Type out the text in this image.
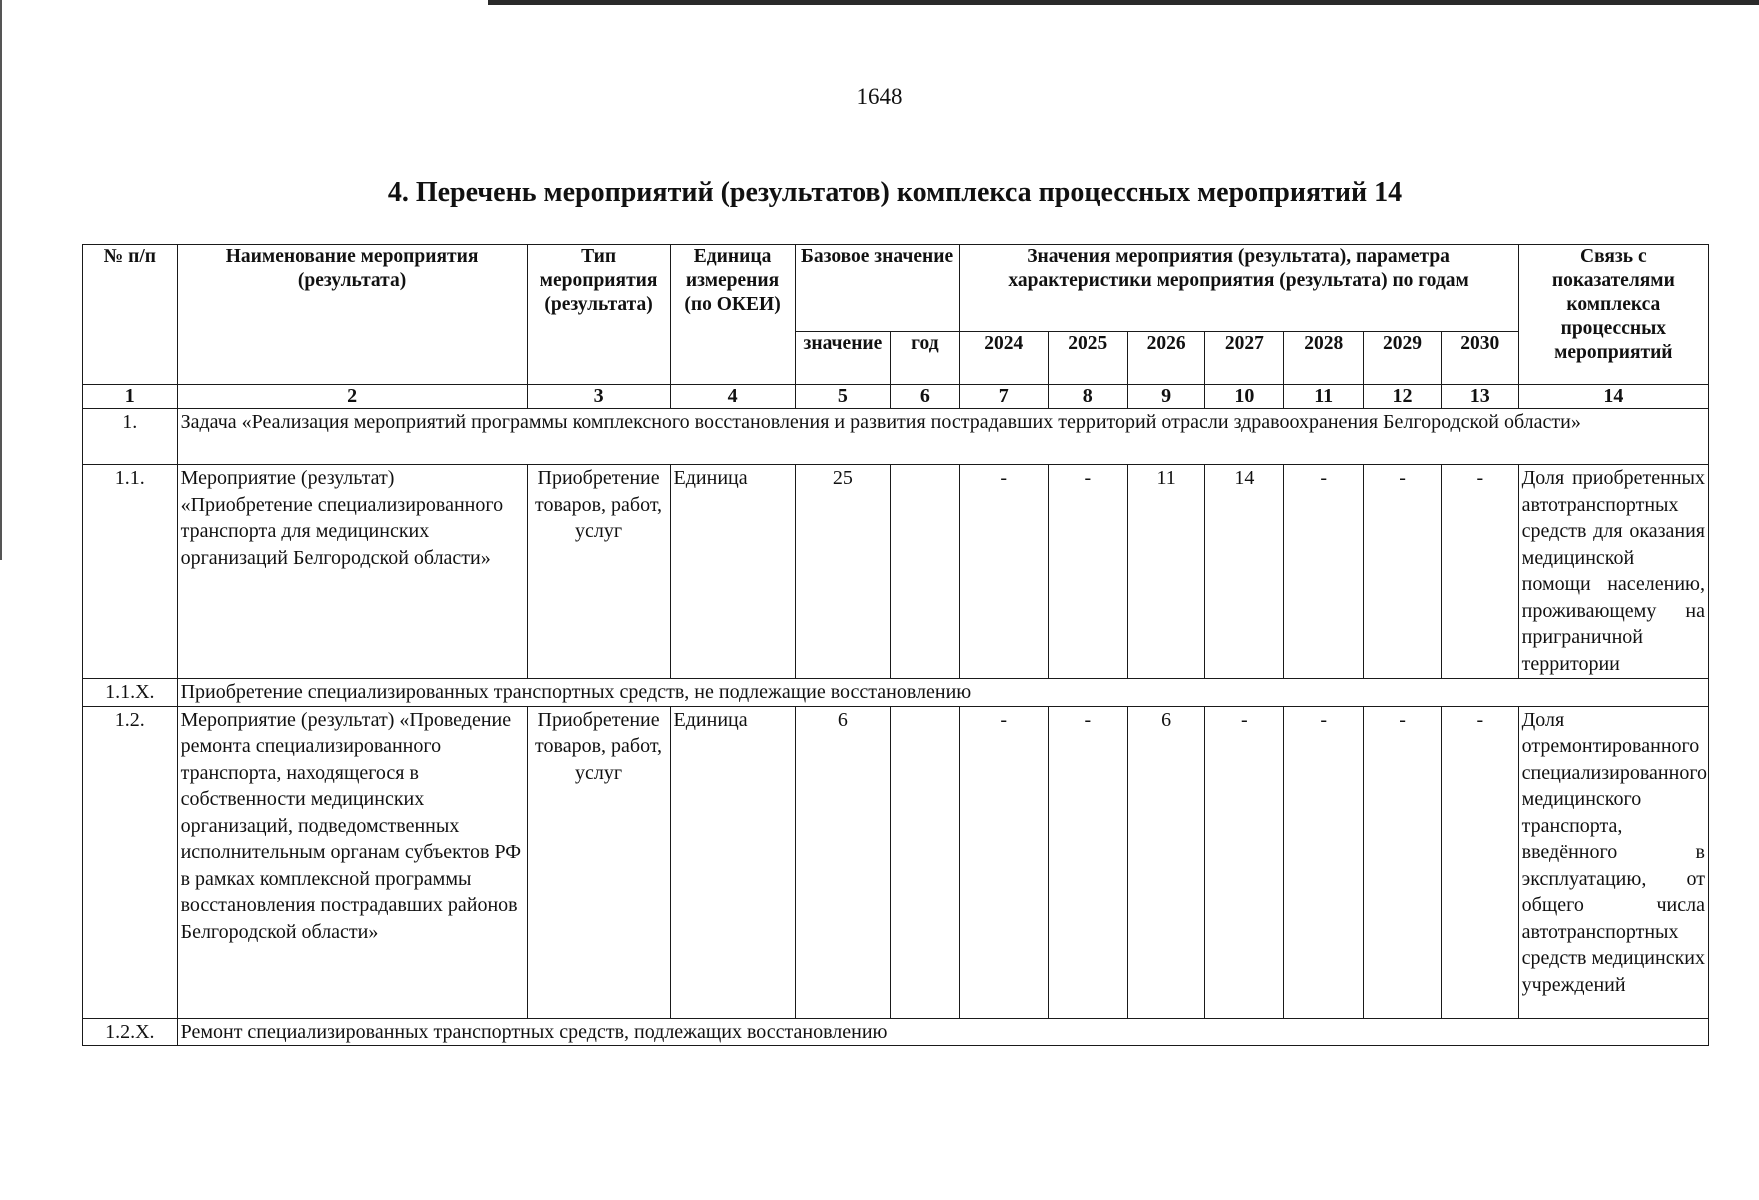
1648
4. Перечень мероприятий (результатов) комплекса процессных мероприятий 14
№ п/п	Наименование мероприятия (результата)	Тип мероприятия (результата)	Единица измерения (по ОКЕИ)	Базовое значение		Значения мероприятия (результата), параметра характеристики мероприятия (результата) по годам							Связь с показателями комплекса процессных мероприятий
				значение	год	2024	2025	2026	2027	2028	2029	2030	
1	2	3	4	5	6	7	8	9	10	11	12	13	14
1.	Задача «Реализация мероприятий программы комплексного восстановления и развития пострадавших территорий отрасли здравоохранения Белгородской области»												
1.1.	Мероприятие (результат) «Приобретение специализированного транспорта для медицинских организаций Белгородской области»	Приобретение товаров, работ, услуг	Единица	25		-	-	11	14	-	-	-	Доля приобретенных автотранспортных средств для оказания медицинской помощи населению, проживающему на приграничной территории
1.1.Х.	Приобретение специализированных транспортных средств, не подлежащие восстановлению												
1.2.	Мероприятие (результат) «Проведение ремонта специализированного транспорта, находящегося в собственности медицинских организаций, подведомственных исполнительным органам субъектов РФ в рамках комплексной программы восстановления пострадавших районов Белгородской области»	Приобретение товаров, работ, услуг	Единица	6		-	-	6	-	-	-	-	Доля отремонтированного специализированного медицинского транспорта, введённого в эксплуатацию, от общего числа автотранспортных средств медицинских учреждений
1.2.Х.	Ремонт специализированных транспортных средств, подлежащих восстановлению												
